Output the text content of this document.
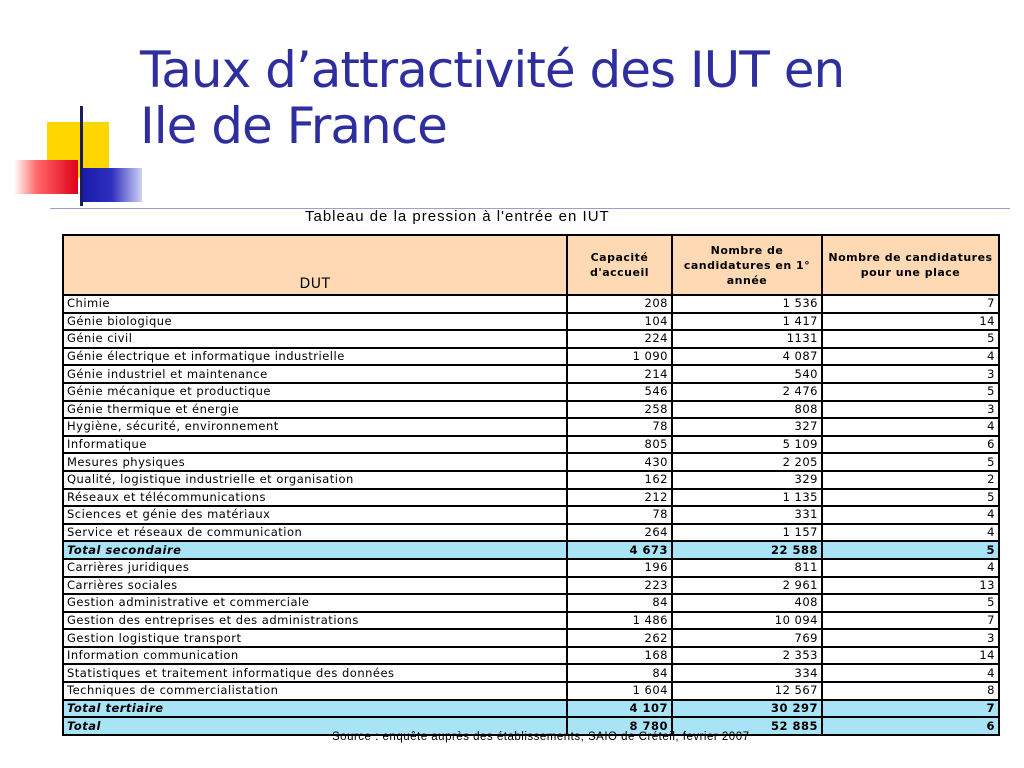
Taux d’attractivité des IUT en
Ile de France
Tableau de la pression à l'entrée en IUT
DUT	Capacité d'accueil	Nombre de candidatures en 1° année	Nombre de candidatures pour une place
Chimie	208	1 536	7
Génie biologique	104	1 417	14
Génie civil	224	1131	5
Génie électrique et informatique industrielle	1 090	4 087	4
Génie industriel et maintenance	214	540	3
Génie mécanique et productique	546	2 476	5
Génie thermique et énergie	258	808	3
Hygiène, sécurité, environnement	78	327	4
Informatique	805	5 109	6
Mesures physiques	430	2 205	5
Qualité, logistique industrielle et organisation	162	329	2
Réseaux et télécommunications	212	1 135	5
Sciences et génie des matériaux	78	331	4
Service et réseaux de communication	264	1 157	4
Total secondaire	4 673	22 588	5
Carrières juridiques	196	811	4
Carrières sociales	223	2 961	13
Gestion administrative et commerciale	84	408	5
Gestion des entreprises et des administrations	1 486	10 094	7
Gestion logistique transport	262	769	3
Information communication	168	2 353	14
Statistiques et traitement informatique des données	84	334	4
Techniques de commercialistation	1 604	12 567	8
Total tertiaire	4 107	30 297	7
Total	8 780	52 885	6
Source : enquête auprès des établissements, SAIO de Créteil, fevrier 2007
